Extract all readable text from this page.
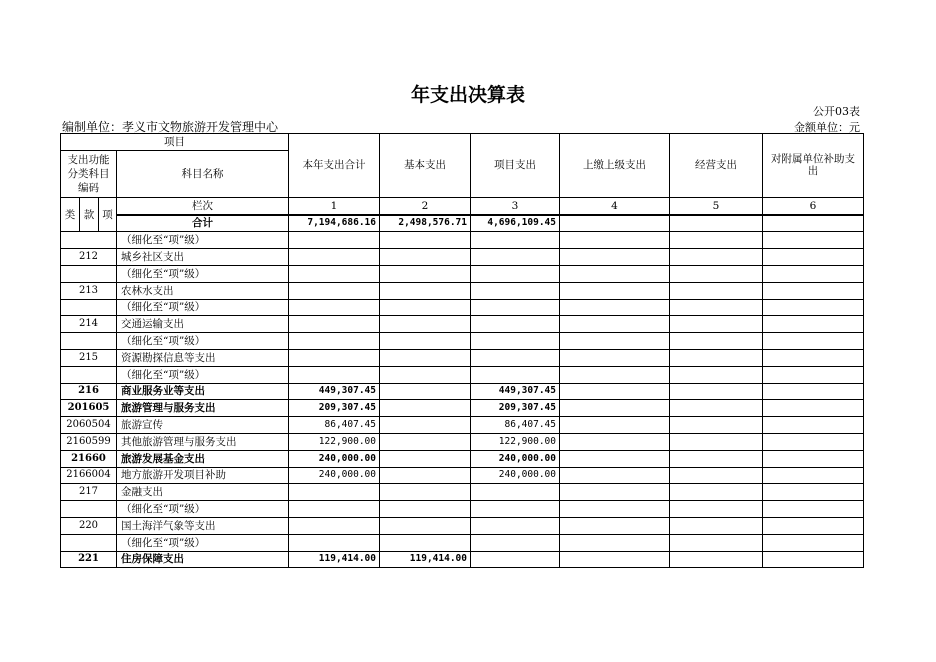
年支出决算表
公开03表
编制单位：孝义市文物旅游开发管理中心	金额单位：元
项目				本年支出合计	基本支出	项目支出	上缴上级支出	经营支出	对附属单位补助支出
支出功能分类科目编码			科目名称						

类	款	项	栏次	1	2	3	4	5	6
			合计	7,194,686.16	2,498,576.71	4,696,109.45			
			（细化至“项”级）						
212			城乡社区支出						
			（细化至“项”级）						
213			农林水支出						
			（细化至“项”级）						
214			交通运输支出						
			（细化至“项”级）						
215			资源勘探信息等支出						
			（细化至“项”级）						
216			商业服务业等支出	449,307.45		449,307.45			
201605			旅游管理与服务支出	209,307.45		209,307.45			
2060504			旅游宣传	86,407.45		86,407.45			
2160599			其他旅游管理与服务支出	122,900.00		122,900.00			
21660			旅游发展基金支出	240,000.00		240,000.00			
2166004			地方旅游开发项目补助	240,000.00		240,000.00			
217			金融支出						
			（细化至“项”级）						
220			国土海洋气象等支出						
			（细化至“项”级）						
221			住房保障支出	119,414.00	119,414.00				
